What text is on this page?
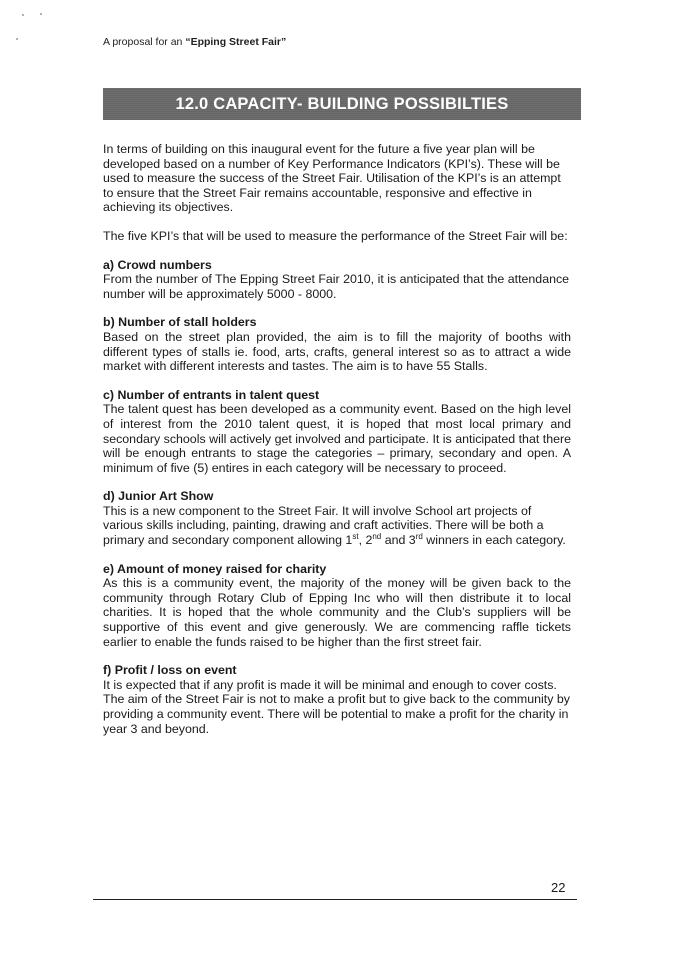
A proposal for an “Epping Street Fair”
12.0 CAPACITY- BUILDING POSSIBILTIES

In terms of building on this inaugural event for the future a five year plan will be developed based on a number of Key Performance Indicators (KPI’s). These will be used to measure the success of the Street Fair. Utilisation of the KPI’s is an attempt to ensure that the Street Fair remains accountable, responsive and effective in achieving its objectives.

The five KPI’s that will be used to measure the performance of the Street Fair will be:

a) Crowd numbers

From the number of The Epping Street Fair 2010, it is anticipated that the attendance number will be approximately 5000 - 8000.

b) Number of stall holders

Based on the street plan provided, the aim is to fill the majority of booths with different types of stalls ie. food, arts, crafts, general interest so as to attract a wide market with different interests and tastes. The aim is to have 55 Stalls.

c) Number of entrants in talent quest

The talent quest has been developed as a community event. Based on the high level of interest from the 2010 talent quest, it is hoped that most local primary and secondary schools will actively get involved and participate. It is anticipated that there will be enough entrants to stage the categories – primary, secondary and open. A minimum of five (5) entires in each category will be necessary to proceed.

d) Junior Art Show

This is a new component to the Street Fair. It will involve School art projects of various skills including, painting, drawing and craft activities. There will be both a primary and secondary component allowing 1st, 2nd and 3rd winners in each category.

e) Amount of money raised for charity

As this is a community event, the majority of the money will be given back to the community through Rotary Club of Epping Inc who will then distribute it to local charities. It is hoped that the whole community and the Club’s suppliers will be supportive of this event and give generously. We are commencing raffle tickets earlier to enable the funds raised to be higher than the first street fair.

f) Profit / loss on event

It is expected that if any profit is made it will be minimal and enough to cover costs. The aim of the Street Fair is not to make a profit but to give back to the community by providing a community event. There will be potential to make a profit for the charity in year 3 and beyond.

22
